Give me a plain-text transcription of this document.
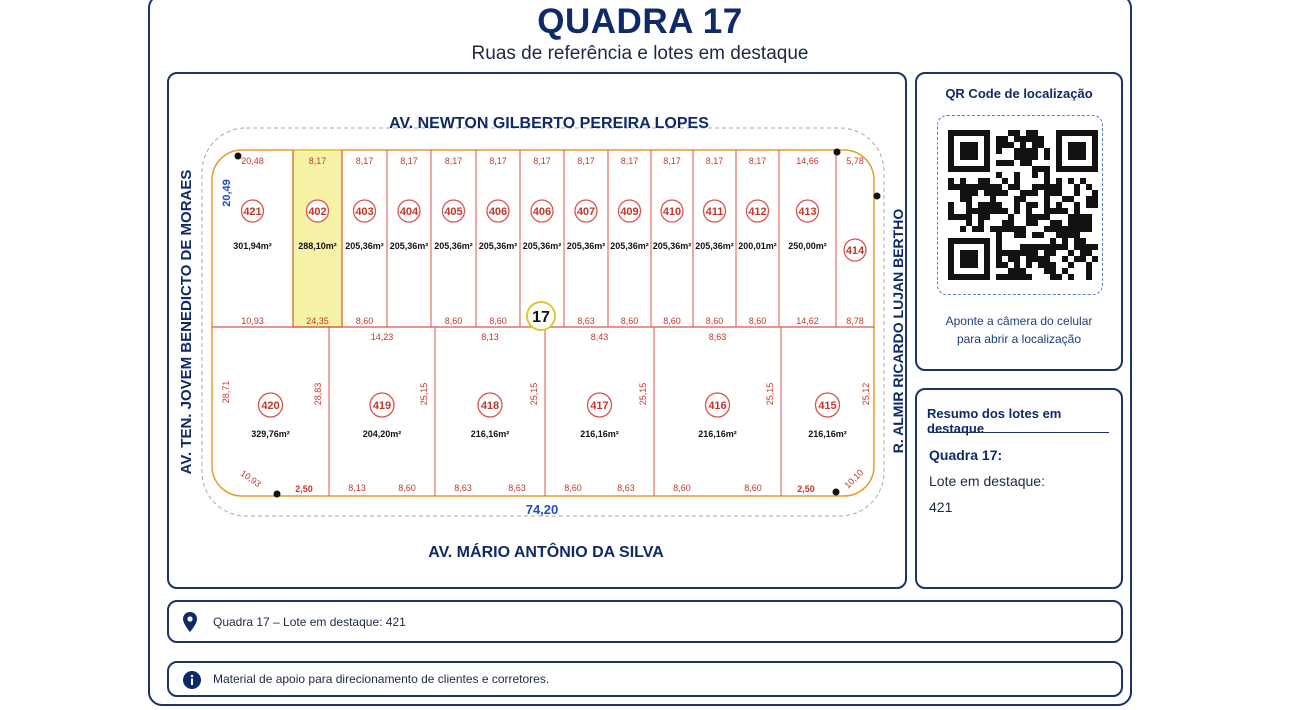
QUADRA 17
Ruas de referência e lotes em destaque
20,48
421
301,94m²
10,93
8,17
402
288,10m²
24,35
8,17
403
205,36m²
8,60
8,17
404
205,36m²
8,17
405
205,36m²
8,60
8,17
406
205,36m²
8,60
8,17
406
205,36m²
8,17
407
205,36m²
8,63
8,17
409
205,36m²
8,60
8,17
410
205,36m²
8,60
8,17
411
205,36m²
8,60
8,17
412
200,01m²
8,60
14,66
413
250,00m²
14,62
5,78
414
8,78
420
329,76m²
28,83
28,71
2,50
10,93
419
204,20m²
14,23
25,15
8,13	8,60
418
216,16m²
8,13
25,15
8,63	8,63
417
216,16m²
8,43
25,15
8,60	8,63
416
216,16m²
8,63
25,15
8,60	8,60
415
216,16m²
25,12
2,50	10,10
AV. NEWTON GILBERTO PEREIRA LOPES
AV. MÁRIO ANTÔNIO DA SILVA
AV. TEN. JOVEM BENEDICTO DE MORAES	R. ALMIR RICARDO LUJAN BERTHO
17
74,20
20,49
QR Code de localização
Aponte a câmera do celular
para abrir a localização
Resumo dos lotes em destaque
Quadra 17:
Lote em destaque:
421
Quadra 17 – Lote em destaque: 421
Material de apoio para direcionamento de clientes e corretores.
